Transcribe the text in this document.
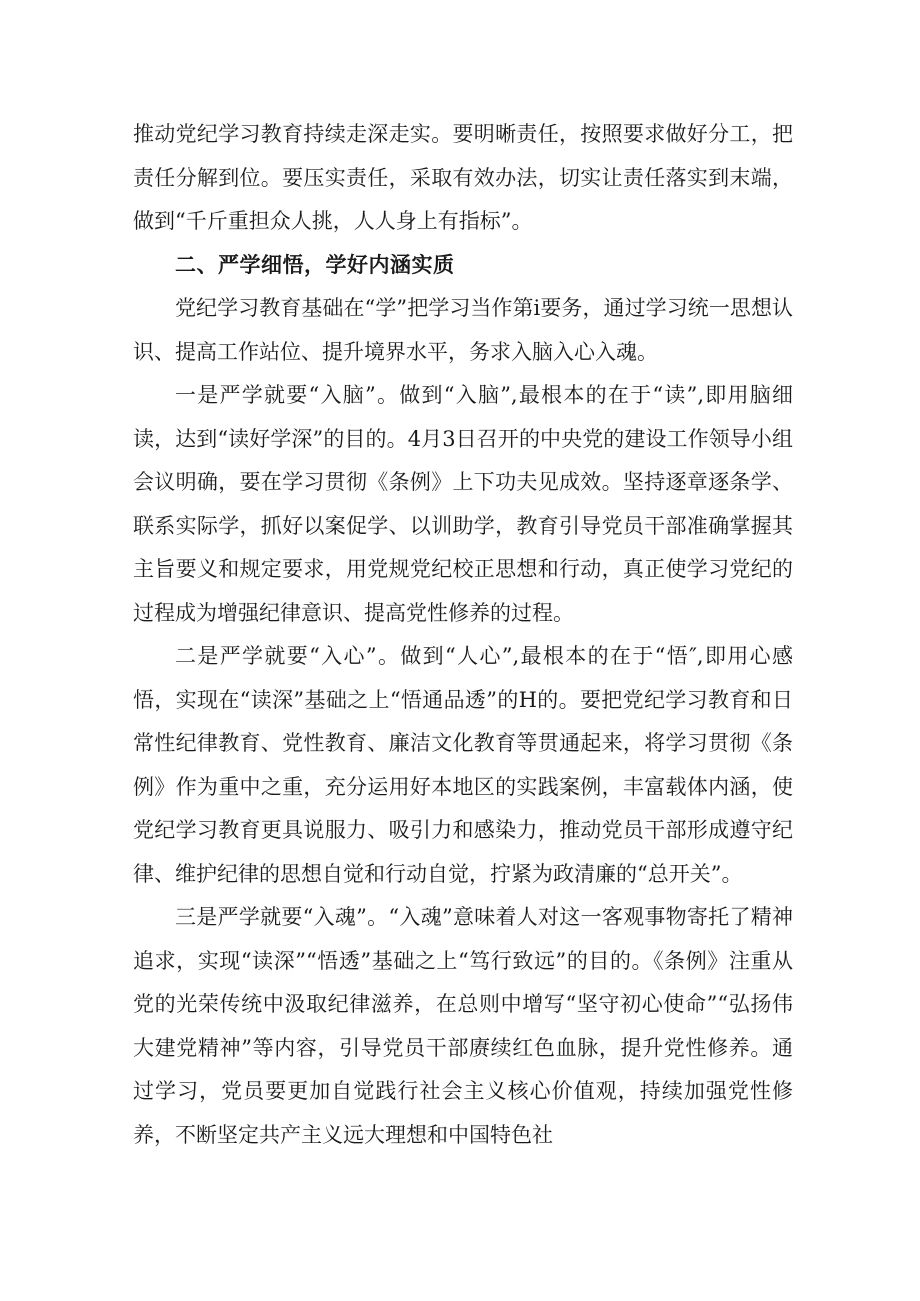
推动党纪学习教育持续走深走实。要明晰责任，按照要求做好分工，把责任分解到位。要压实责任，采取有效办法，切实让责任落实到末端，做到“千斤重担众人挑，人人身上有指标”。

二、严学细悟，学好内涵实质

党纪学习教育基础在“学”把学习当作第i要务，通过学习统一思想认识、提高工作站位、提升境界水平，务求入脑入心入魂。

一是严学就要“入脑”。做到“入脑”,最根本的在于“读”,即用脑细读，达到“读好学深”的目的。4月3日召开的中央党的建设工作领导小组会议明确，要在学习贯彻《条例》上下功夫见成效。坚持逐章逐条学、联系实际学，抓好以案促学、以训助学，教育引导党员干部准确掌握其主旨要义和规定要求，用党规党纪校正思想和行动，真正使学习党纪的过程成为增强纪律意识、提高党性修养的过程。

二是严学就要“入心”。做到“人心”,最根本的在于“悟″,即用心感悟，实现在“读深”基础之上“悟通品透”的H的。要把党纪学习教育和日常性纪律教育、党性教育、廉洁文化教育等贯通起来，将学习贯彻《条例》作为重中之重，充分运用好本地区的实践案例，丰富载体内涵，使党纪学习教育更具说服力、吸引力和感染力，推动党员干部形成遵守纪律、维护纪律的思想自觉和行动自觉，拧紧为政清廉的“总开关”。

三是严学就要“入魂”。“入魂”意味着人对这一客观事物寄托了精神追求，实现“读深”“悟透”基础之上“笃行致远”的目的。《条例》注重从党的光荣传统中汲取纪律滋养，在总则中增写“坚守初心使命”“弘扬伟大建党精神”等内容，引导党员干部赓续红色血脉，提升党性修养。通过学习，党员要更加自觉践行社会主义核心价值观，持续加强党性修养，不断坚定共产主义远大理想和中国特色社
